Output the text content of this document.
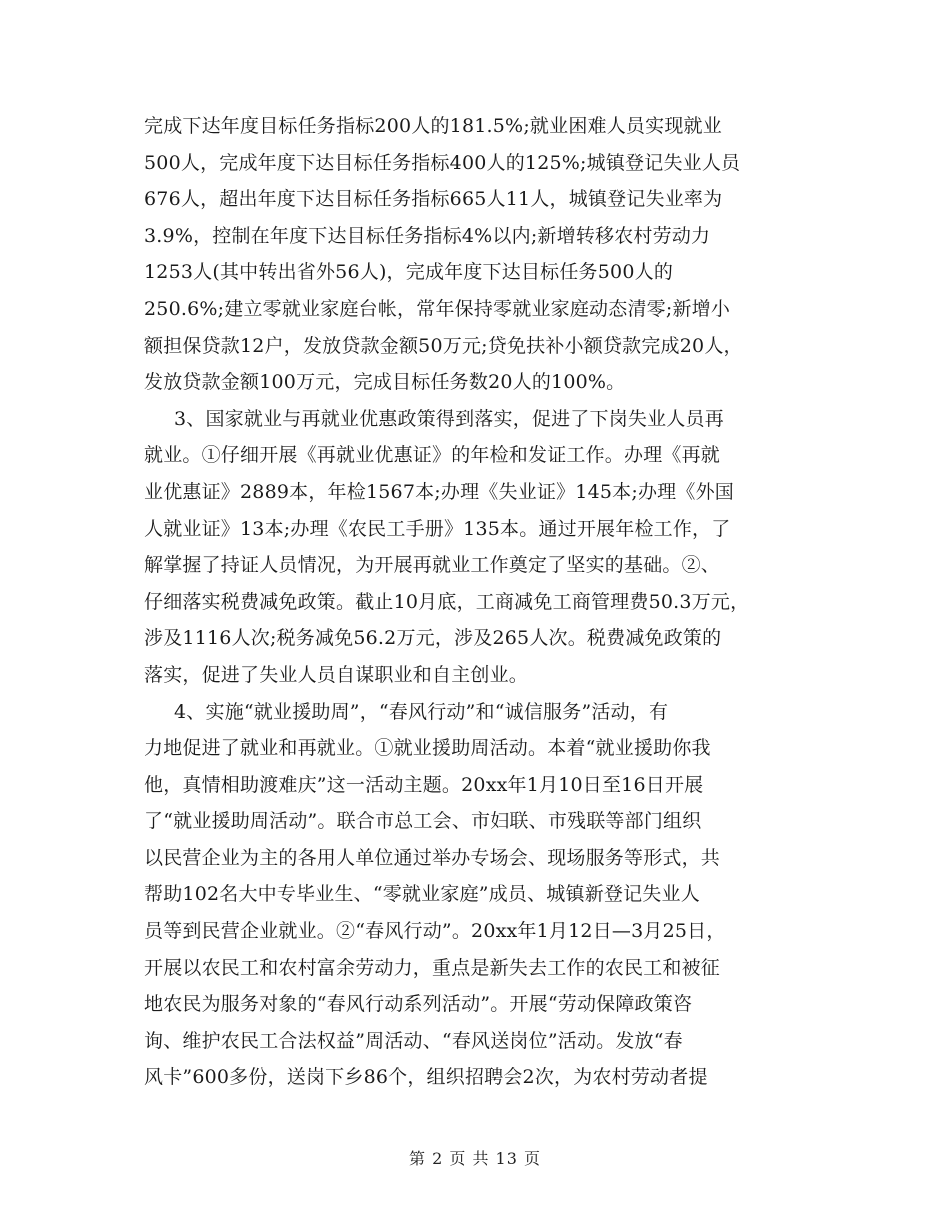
完成下达年度目标任务指标200人的181.5%;就业困难人员实现就业
500人，完成年度下达目标任务指标400人的125%;城镇登记失业人员
676人，超出年度下达目标任务指标665人11人，城镇登记失业率为
3.9%，控制在年度下达目标任务指标4%以内;新增转移农村劳动力
1253人(其中转出省外56人)，完成年度下达目标任务500人的
250.6%;建立零就业家庭台帐，常年保持零就业家庭动态清零;新增小
额担保贷款12户，发放贷款金额50万元;贷免扶补小额贷款完成20人，
发放贷款金额100万元，完成目标任务数20人的100%。
3、国家就业与再就业优惠政策得到落实，促进了下岗失业人员再
就业。①仔细开展《再就业优惠证》的年检和发证工作。办理《再就
业优惠证》2889本，年检1567本;办理《失业证》145本;办理《外国
人就业证》13本;办理《农民工手册》135本。通过开展年检工作，了
解掌握了持证人员情况，为开展再就业工作奠定了坚实的基础。②、
仔细落实税费减免政策。截止10月底，工商减免工商管理费50.3万元，
涉及1116人次;税务减免56.2万元，涉及265人次。税费减免政策的
落实，促进了失业人员自谋职业和自主创业。
4、实施“就业援助周”，“春风行动”和“诚信服务”活动，有
力地促进了就业和再就业。①就业援助周活动。本着“就业援助你我
他，真情相助渡难庆”这一活动主题。20xx年1月10日至16日开展
了“就业援助周活动”。联合市总工会、市妇联、市残联等部门组织
以民营企业为主的各用人单位通过举办专场会、现场服务等形式，共
帮助102名大中专毕业生、“零就业家庭”成员、城镇新登记失业人
员等到民营企业就业。②“春风行动”。20xx年1月12日—3月25日，
开展以农民工和农村富余劳动力，重点是新失去工作的农民工和被征
地农民为服务对象的“春风行动系列活动”。开展“劳动保障政策咨
询、维护农民工合法权益”周活动、“春风送岗位”活动。发放“春
风卡”600多份，送岗下乡86个，组织招聘会2次，为农村劳动者提
第 2 页 共 13 页
